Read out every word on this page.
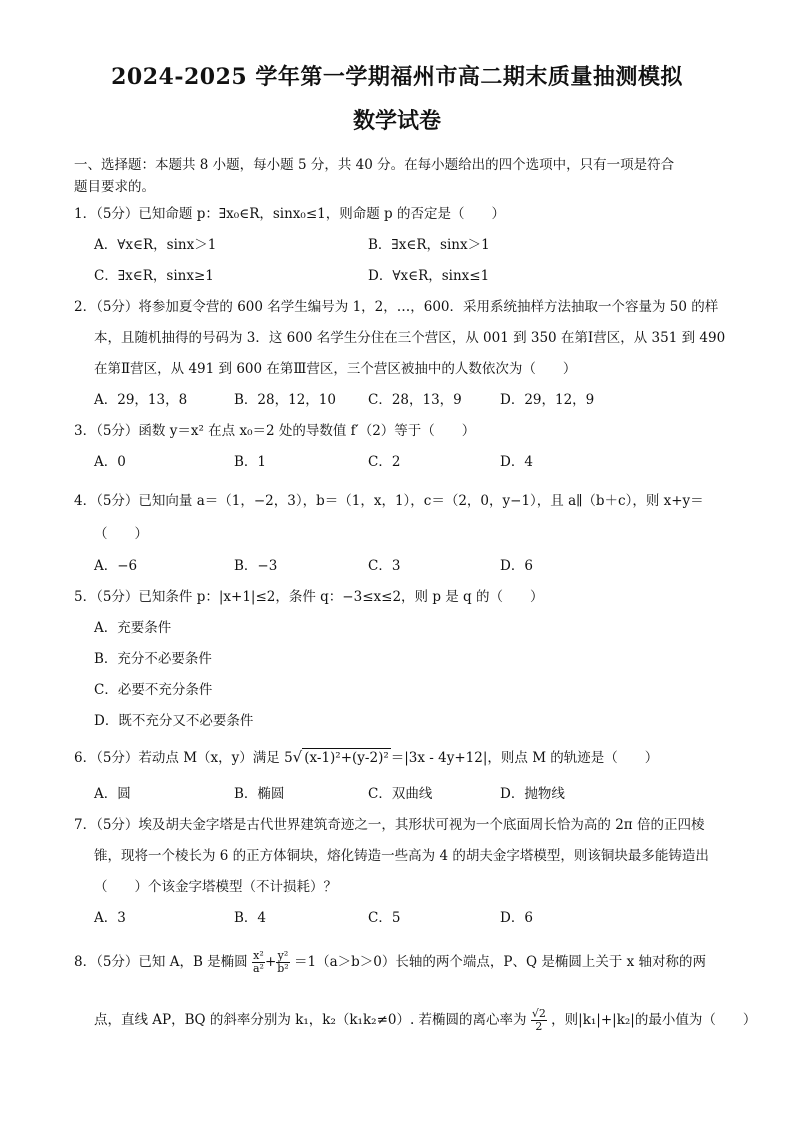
2024-2025 学年第一学期福州市高二期末质量抽测模拟
数学试卷
一、选择题：本题共 8 小题，每小题 5 分，共 40 分。在每小题给出的四个选项中，只有一项是符合
题目要求的。
1．（5分）已知命题 p：∃x₀∈R，sinx₀≤1，则命题 p 的否定是（　　）
A．∀x∈R，sinx＞1	B．∃x∈R，sinx＞1
C．∃x∈R，sinx≥1	D．∀x∈R，sinx≤1
2．（5分）将参加夏令营的 600 名学生编号为 1，2，…，600．采用系统抽样方法抽取一个容量为 50 的样
本，且随机抽得的号码为 3．这 600 名学生分住在三个营区，从 001 到 350 在第Ⅰ营区，从 351 到 490
在第Ⅱ营区，从 491 到 600 在第Ⅲ营区，三个营区被抽中的人数依次为（　　）
A．29，13，8	B．28，12，10 C．28，13，9	D．29，12，9
3．（5分）函数 y＝x² 在点 x₀＝2 处的导数值 f′（2）等于（　　）
A．0	B．1	C．2	D．4
4．（5分）已知向量 a＝（1，−2，3），b＝（1，x，1），c＝（2，0，y−1），且 a∥（b＋c），则 x+y＝
（　　）
A．−6	B．−3	C．3	D．6
5．（5分）已知条件 p：|x+1|≤2，条件 q：−3≤x≤2，则 p 是 q 的（　　）
A．充要条件
B．充分不必要条件
C．必要不充分条件
D．既不充分又不必要条件
6．（5分）若动点 M（x，y）满足 5√ (x-1)²+(y-2)² ＝|3x - 4y+12|，则点 M 的轨迹是（　　）
A．圆	B．椭圆	C．双曲线	D．抛物线
7．（5分）埃及胡夫金字塔是古代世界建筑奇迹之一，其形状可视为一个底面周长恰为高的 2π 倍的正四棱
锥，现将一个棱长为 6 的正方体铜块，熔化铸造一些高为 4 的胡夫金字塔模型，则该铜块最多能铸造出
（　　）个该金字塔模型（不计损耗）？
A．3	B．4	C．5	D．6
8．（5分）已知 A，B 是椭圆 $\frac{\text{x²}}{\text{a²}} + \frac{\text{y²}}{\text{b²}} =1(a>b>0)$长轴的两个端点，P、Q 是椭圆上关于 x 轴对称的两
点，直线 AP，BQ 的斜率分别为 k₁，k₂（k₁k₂≠0）. 若椭圆的离心率为 $\frac{√2}{2}$ ，则|k₁|+|k₂|的最小值为（　　）
